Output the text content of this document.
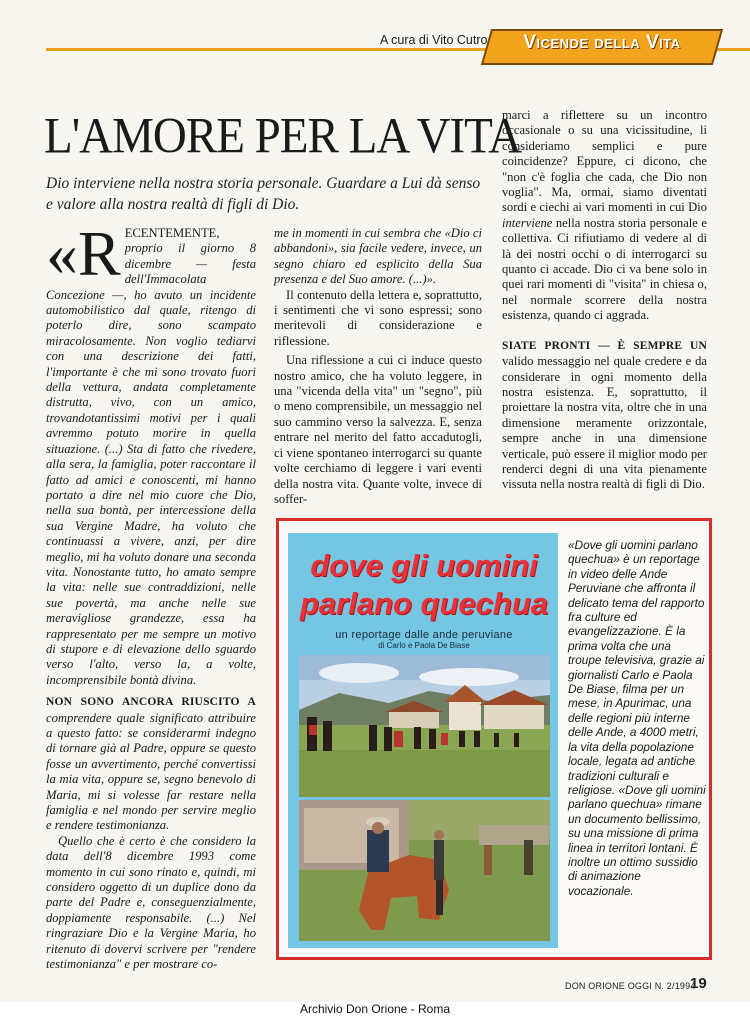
A cura di Vito Cutro	Vicende della Vita
L'AMORE PER LA VITA

Dio interviene nella nostra storia personale. Guardare a Lui dà senso e valore alla nostra realtà di figli di Dio.

«R ECENTEMENTE, proprio il giorno 8 dicembre — festa dell'Immacolata Concezione —, ho avuto un incidente automobilistico dal quale, ritengo di poterlo dire, sono scampato miracolosamente. Non voglio tediarvi con una descrizione dei fatti, l'importante è che mi sono trovato fuori della vettura, andata completamente distrutta, vivo, con un amico, trovandotantissimi motivi per i quali avremmo potuto morire in quella situazione. (...) Sta di fatto che rivedere, alla sera, la famiglia, poter raccontare il fatto ad amici e conoscenti, mi hanno portato a dire nel mio cuore che Dio, nella sua bontà, per intercessione della sua Vergine Madre, ha voluto che continuassi a vivere, anzi, per dire meglio, mi ha voluto donare una seconda vita. Nonostante tutto, ho amato sempre la vita: nelle sue contraddizioni, nelle sue povertà, ma anche nelle sue meravigliose grandezze, essa ha rappresentato per me sempre un motivo di stupore e di elevazione dello sguardo verso l'alto, verso la, a volte, incomprensibile bontà divina.

NON SONO ANCORA RIUSCITO A comprendere quale significato attribuire a questo fatto: se considerarmi indegno di tornare già al Padre, oppure se questo fosse un avvertimento, perché convertissi la mia vita, oppure se, segno benevolo di Maria, mi si volesse far restare nella famiglia e nel mondo per servire meglio e rendere testimonianza.

Quello che è certo è che considero la data dell'8 dicembre 1993 come momento in cui sono rinato e, quindi, mi considero oggetto di un duplice dono da parte del Padre e, conseguenzialmente, doppiamente responsabile. (...) Nel ringraziare Dio e la Vergine Maria, ho ritenuto di dovervi scrivere per "rendere testimonianza" e per mostrare co-

me in momenti in cui sembra che «Dio ci abbandoni», sia facile vedere, invece, un segno chiaro ed esplicito della Sua presenza e del Suo amore. (...)».

Il contenuto della lettera e, soprattutto, i sentimenti che vi sono espressi; sono meritevoli di considerazione e riflessione.

Una riflessione a cui ci induce questo nostro amico, che ha voluto leggere, in una "vicenda della vita" un "segno", più o meno comprensibile, un messaggio nel suo cammino verso la salvezza. E, senza entrare nel merito del fatto accadutogli, ci viene spontaneo interrogarci su quante volte cerchiamo di leggere i vari eventi della nostra vita. Quante volte, invece di soffer-

marci a riflettere su un incontro occasionale o su una vicissitudine, li consideriamo semplici e pure coincidenze? Eppure, ci dicono, che "non c'è foglia che cada, che Dio non voglia". Ma, ormai, siamo diventati sordi e ciechi ai vari momenti in cui Dio interviene nella nostra storia personale e collettiva. Ci rifiutiamo di vedere al di là dei nostri occhi o di interrogarci su quanto ci accade. Dio ci va bene solo in quei rari momenti di "visita" in chiesa o, nel normale scorrere della nostra esistenza, quando ci aggrada.

SIATE PRONTI — È SEMPRE UN valido messaggio nel quale credere e da considerare in ogni momento della nostra esistenza. E, soprattutto, il proiettare la nostra vita, oltre che in una dimensione meramente orizzontale, sempre anche in una dimensione verticale, può essere il miglior modo per renderci degni di una vita pienamente vissuta nella nostra realtà di figli di Dio.

dove gli uomini parlano quechua
un reportage dalle ande peruviane
di Carlo e Paola De Biase
«Dove gli uomini parlano quechua» è un reportage in video delle Ande Peruviane che affronta il delicato tema del rapporto fra culture ed evangelizzazione. È la prima volta che una troupe televisiva, grazie ai giornalisti Carlo e Paola De Biase, filma per un mese, in Apurimac, una delle regioni più interne delle Ande, a 4000 metri, la vita della popolazione locale, legata ad antiche tradizioni culturali e religiose. «Dove gli uomini parlano quechua» rimane un documento bellissimo, su una missione di prima linea in territori lontani. È inoltre un ottimo sussidio di animazione vocazionale.
DON ORIONE OGGI N. 2/1994
19
Archivio Don Orione - Roma
